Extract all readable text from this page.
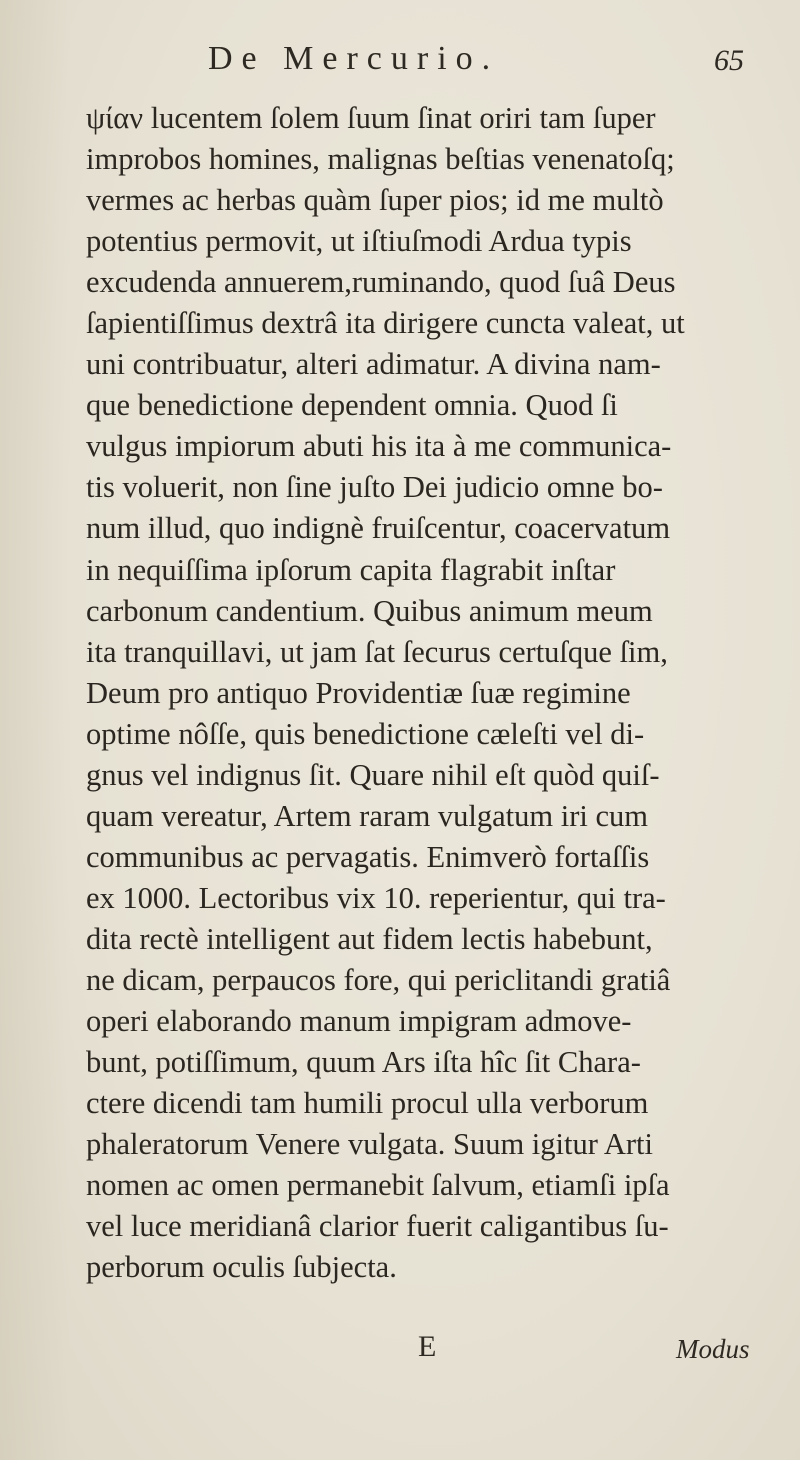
De Mercurio.	65
ψίαν lucentem ſolem ſuum ſinat oriri tam ſuper
improbos homines, malignas beſtias venenatoſq;
vermes ac herbas quàm ſuper pios; id me multò
potentius permovit, ut iſtiuſmodi Ardua typis
excudenda annuerem,ruminando, quod ſuâ Deus
ſapientiſſimus dextrâ ita dirigere cuncta valeat, ut
uni contribuatur, alteri adimatur. A divina nam-
que benedictione dependent omnia. Quod ſi
vulgus impiorum abuti his ita à me communica-
tis voluerit, non ſine juſto Dei judicio omne bo-
num illud, quo indignè fruiſcentur, coacervatum
in nequiſſima ipſorum capita flagrabit inſtar
carbonum candentium. Quibus animum meum
ita tranquillavi, ut jam ſat ſecurus certuſque ſim,
Deum pro antiquo Providentiæ ſuæ regimine
optime nôſſe, quis benedictione cæleſti vel di-
gnus vel indignus ſit. Quare nihil eſt quòd quiſ-
quam vereatur, Artem raram vulgatum iri cum
communibus ac pervagatis. Enimverò fortaſſis
ex 1000. Lectoribus vix 10. reperientur, qui tra-
dita rectè intelligent aut fidem lectis habebunt,
ne dicam, perpaucos fore, qui periclitandi gratiâ
operi elaborando manum impigram admove-
bunt, potiſſimum, quum Ars iſta hîc ſit Chara-
ctere dicendi tam humili procul ulla verborum
phaleratorum Venere vulgata. Suum igitur Arti
nomen ac omen permanebit ſalvum, etiamſi ipſa
vel luce meridianâ clarior fuerit caligantibus ſu-
perborum oculis ſubjecta.
E	Modus
